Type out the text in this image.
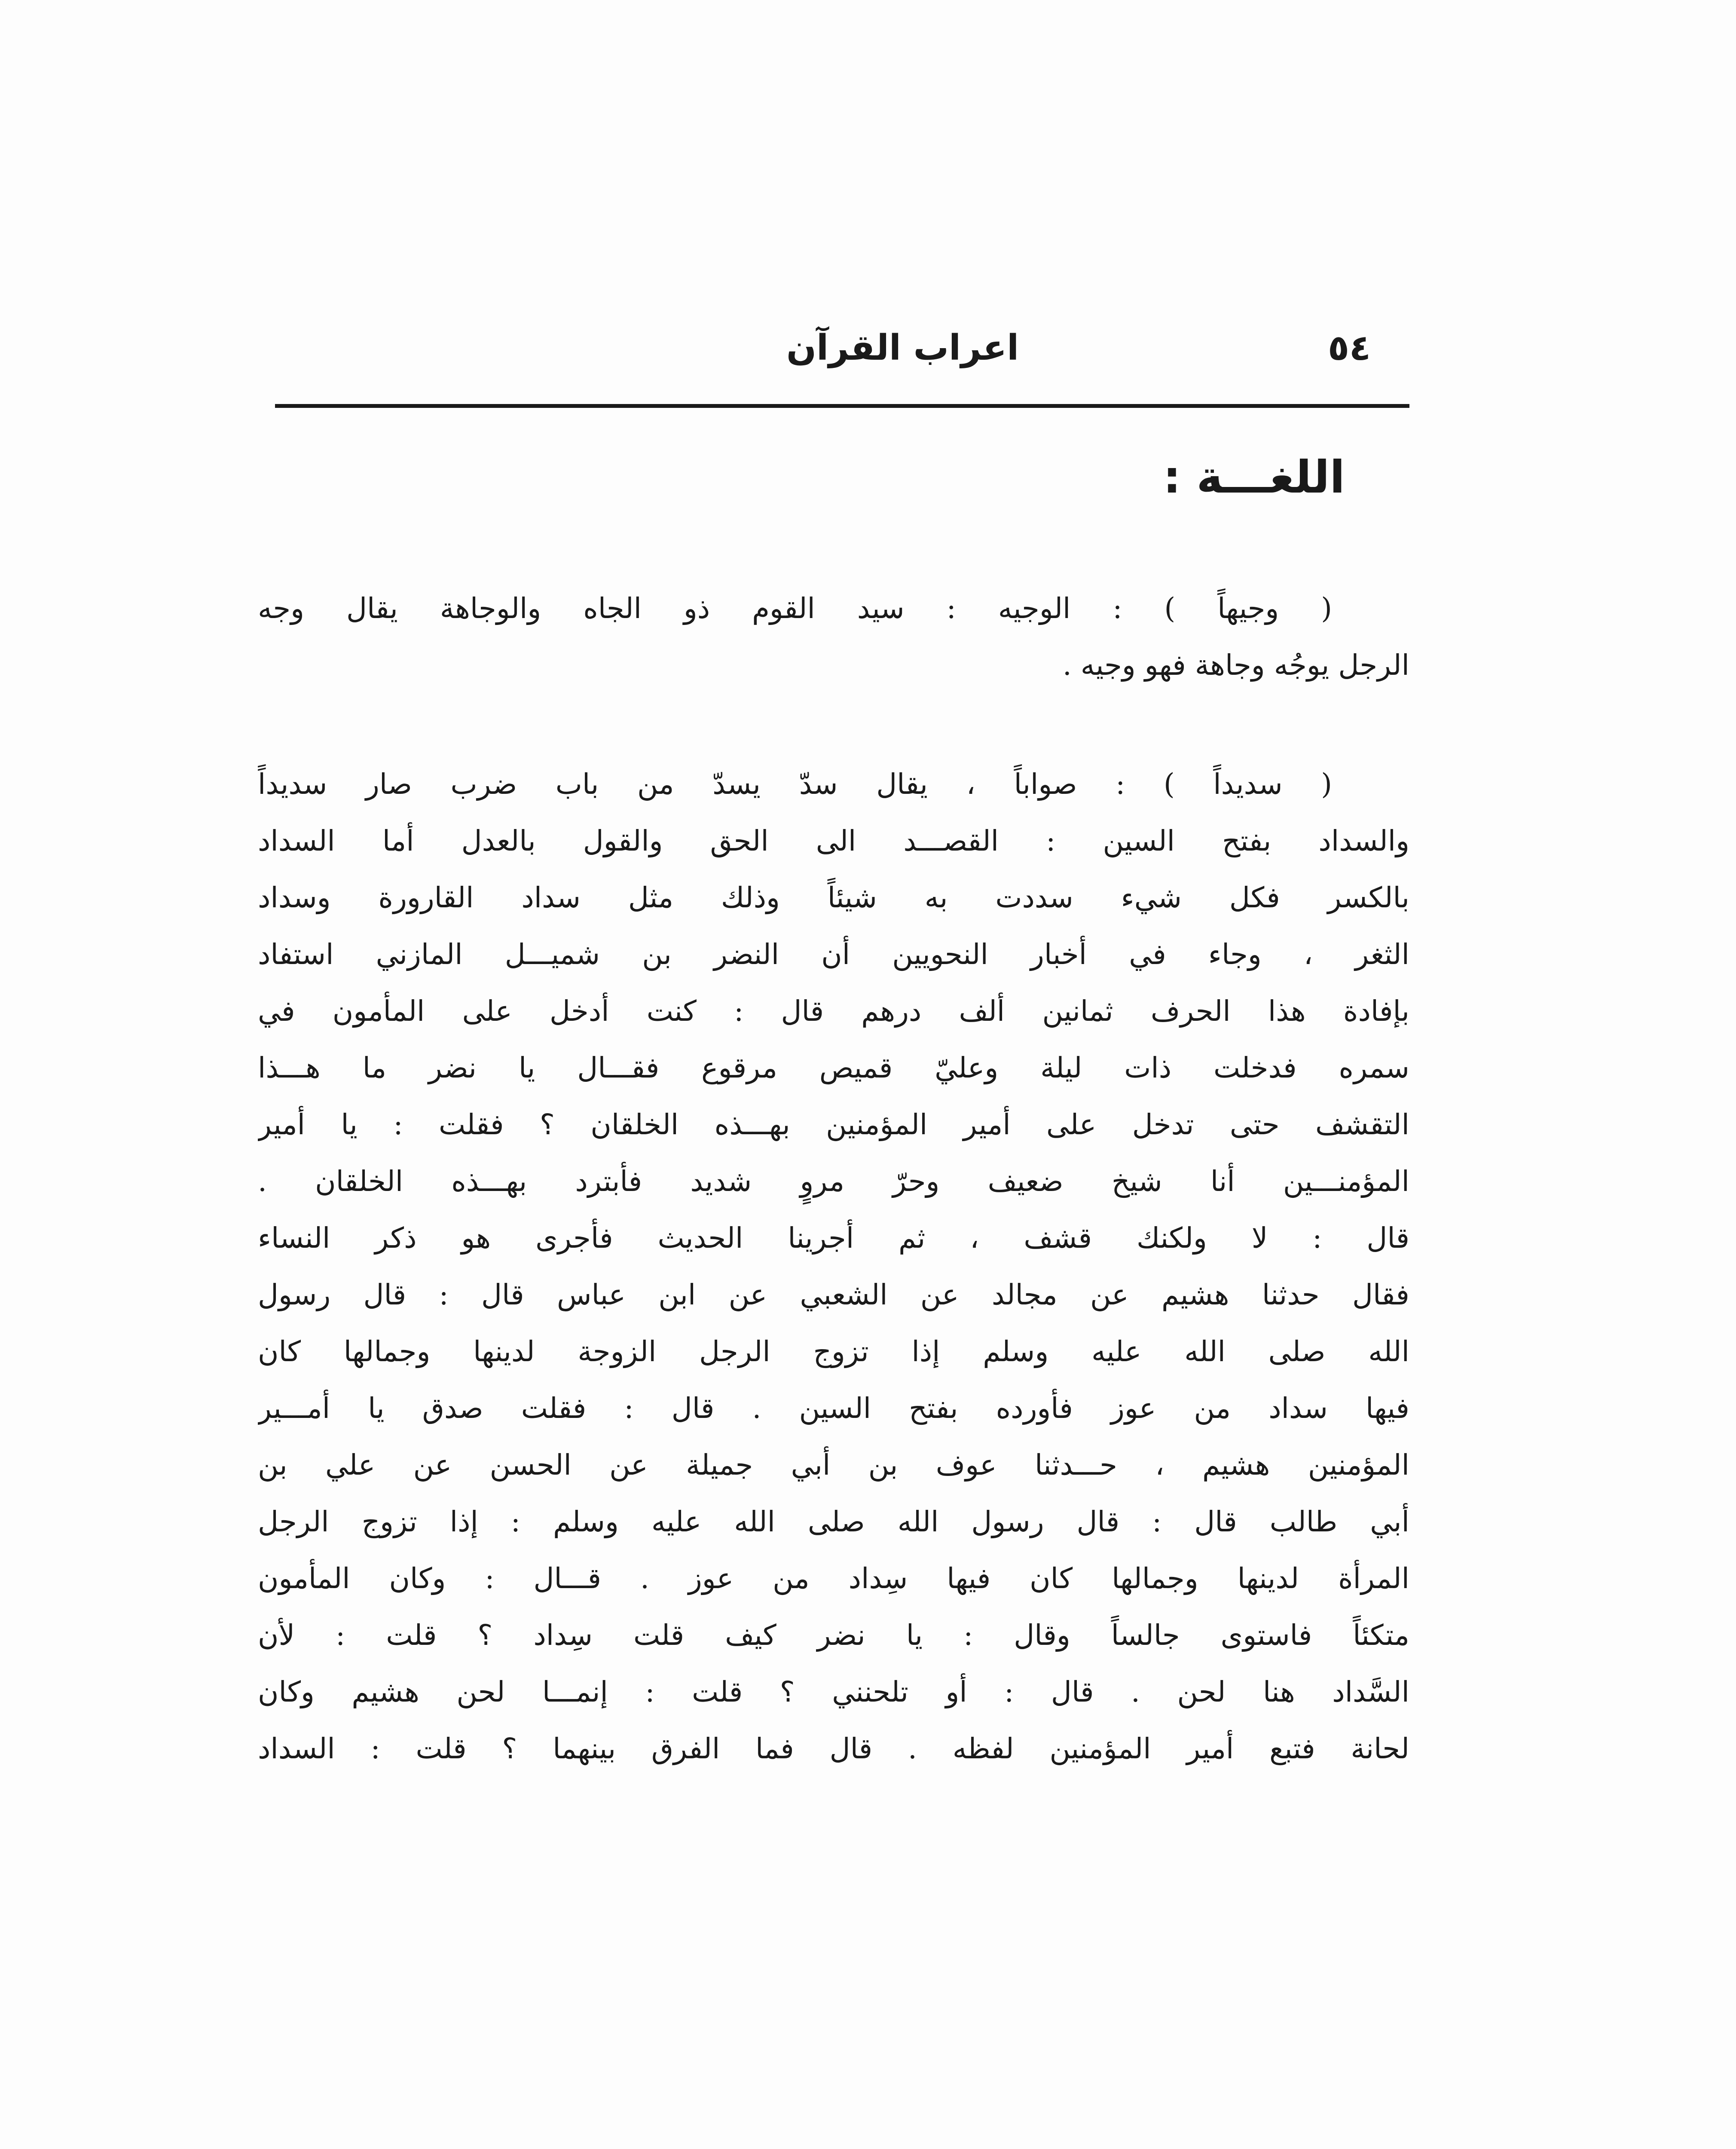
٥٤
اعراب القرآن
اللغـــة :
( وجيهاً ) : الوجيه : سيد القوم ذو الجاه والوجاهة يقال وجه
الرجل يوجُه وجاهة فهو وجيه .
( سديداً ) : صواباً ، يقال سدّ يسدّ من باب ضرب صار سديداً
والسداد بفتح السين : القصـــد الى الحق والقول بالعدل أما السداد
بالكسر فكل شيء سددت به شيئاً وذلك مثل سداد القارورة وسداد
الثغر ، وجاء في أخبار النحويين أن النضر بن شميـــل المازني استفاد
بإفادة هذا الحرف ثمانين ألف درهم قال : كنت أدخل على المأمون في
سمره فدخلت ذات ليلة وعليّ قميص مرقوع فقـــال يا نضر ما هـــذا
التقشف حتى تدخل على أمير المؤمنين بهـــذه الخلقان ؟ فقلت : يا أمير
المؤمنـــين أنا شيخ ضعيف وحرّ مروٍ شديد فأبترد بهـــذه الخلقان .
قال : لا ولكنك قشف ، ثم أجرينا الحديث فأجرى هو ذكر النساء
فقال حدثنا هشيم عن مجالد عن الشعبي عن ابن عباس قال : قال رسول
الله صلى الله عليه وسلم إذا تزوج الرجل الزوجة لدينها وجمالها كان
فيها سداد من عوز فأورده بفتح السين . قال : فقلت صدق يا أمـــير
المؤمنين هشيم ، حـــدثنا عوف بن أبي جميلة عن الحسن عن علي بن
أبي طالب قال : قال رسول الله صلى الله عليه وسلم : إذا تزوج الرجل
المرأة لدينها وجمالها كان فيها سِداد من عوز . قـــال : وكان المأمون
متكئاً فاستوى جالساً وقال : يا نضر كيف قلت سِداد ؟ قلت : لأن
السَّداد هنا لحن . قال : أو تلحنني ؟ قلت : إنمـــا لحن هشيم وكان
لحانة فتبع أمير المؤمنين لفظه . قال فما الفرق بينهما ؟ قلت : السداد
